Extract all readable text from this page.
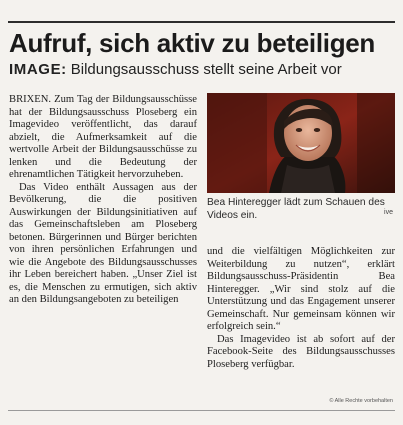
Aufruf, sich aktiv zu beteiligen
IMAGE: Bildungsausschuss stellt seine Arbeit vor

BRIXEN. Zum Tag der Bildungsausschüsse hat der Bildungsausschuss Ploseberg ein Imagevideo veröffentlicht, das darauf abzielt, die Aufmerksamkeit auf die wertvolle Arbeit der Bildungsausschüsse zu lenken und die Bedeutung der ehrenamtlichen Tätigkeit hervorzuheben.

Das Video enthält Aussagen aus der Bevölkerung, die die positiven Auswirkungen der Bildungsinitiativen auf das Gemeinschaftsleben am Ploseberg betonen. Bürgerinnen und Bürger berichten von ihren persönlichen Erfahrungen und wie die Angebote des Bildungsausschusses ihr Leben bereichert haben. „Unser Ziel ist es, die Menschen zu ermutigen, sich aktiv an den Bildungsangeboten zu beteiligen

Bea Hinteregger lädt zum Schauen des Videos ein.	ive

und die vielfältigen Möglichkeiten zur Weiterbildung zu nutzen“, erklärt Bildungsausschuss-Präsidentin Bea Hinteregger. „Wir sind stolz auf die Unterstützung und das Engagement unserer Gemeinschaft. Nur gemeinsam können wir erfolgreich sein.“

Das Imagevideo ist ab sofort auf der Facebook-Seite des Bildungsausschusses Ploseberg verfügbar.

© Alle Rechte vorbehalten
